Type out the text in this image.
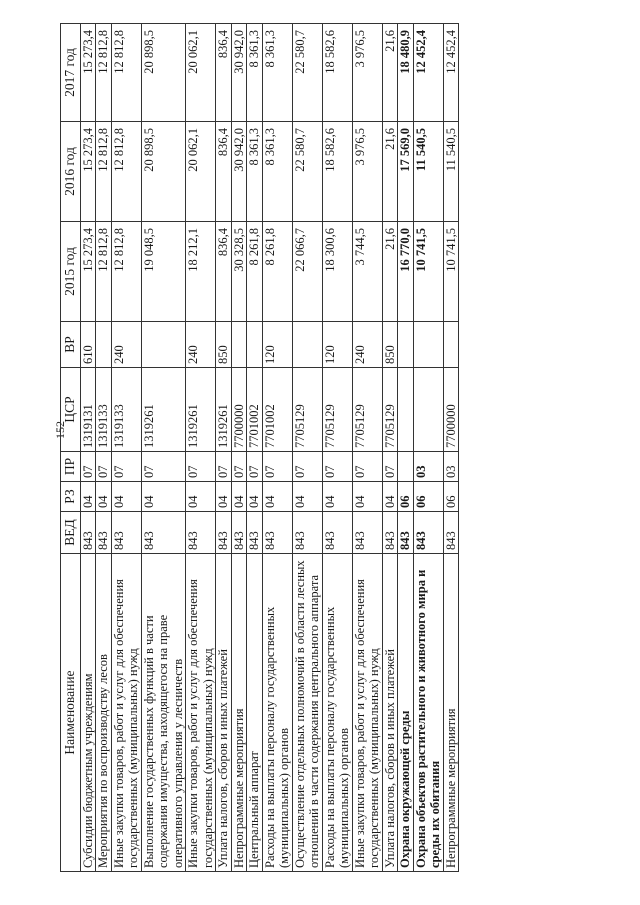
152
Наименование	ВЕД	РЗ	ПР	ЦСР	ВР	2015 год	2016 год	2017 год
Субсидии бюджетным учреждениям	843	04	07	1319131	610	15 273,4	15 273,4	15 273,4
Мероприятия по воспроизводству лесов	843	04	07	1319133		12 812,8	12 812,8	12 812,8
Иные закупки товаров, работ и услуг для обеспечения государственных (муниципальных) нужд	843	04	07	1319133	240	12 812,8	12 812,8	12 812,8
Выполнение государственных функций в части содержания имущества, находящегося на праве оперативного управления у лесничеств	843	04	07	1319261		19 048,5	20 898,5	20 898,5
Иные закупки товаров, работ и услуг для обеспечения государственных (муниципальных) нужд	843	04	07	1319261	240	18 212,1	20 062,1	20 062,1
Уплата налогов, сборов и иных платежей	843	04	07	1319261	850	836,4	836,4	836,4
Непрограммные мероприятия	843	04	07	7700000		30 328,5	30 942,0	30 942,0
Центральный аппарат	843	04	07	7701002		8 261,8	8 361,3	8 361,3
Расходы на выплаты персоналу государственных (муниципальных) органов	843	04	07	7701002	120	8 261,8	8 361,3	8 361,3
Осуществление отдельных полномочий в области лесных отношений в части содержания центрального аппарата	843	04	07	7705129		22 066,7	22 580,7	22 580,7
Расходы на выплаты персоналу государственных (муниципальных) органов	843	04	07	7705129	120	18 300,6	18 582,6	18 582,6
Иные закупки товаров, работ и услуг для обеспечения государственных (муниципальных) нужд	843	04	07	7705129	240	3 744,5	3 976,5	3 976,5
Уплата налогов, сборов и иных платежей	843	04	07	7705129	850	21,6	21,6	21,6
Охрана окружающей среды	843	06				16 770,0	17 569,0	18 480,9
Охрана объектов растительного и животного мира и среды их обитания	843	06	03			10 741,5	11 540,5	12 452,4
Непрограммные мероприятия	843	06	03	7700000		10 741,5	11 540,5	12 452,4
